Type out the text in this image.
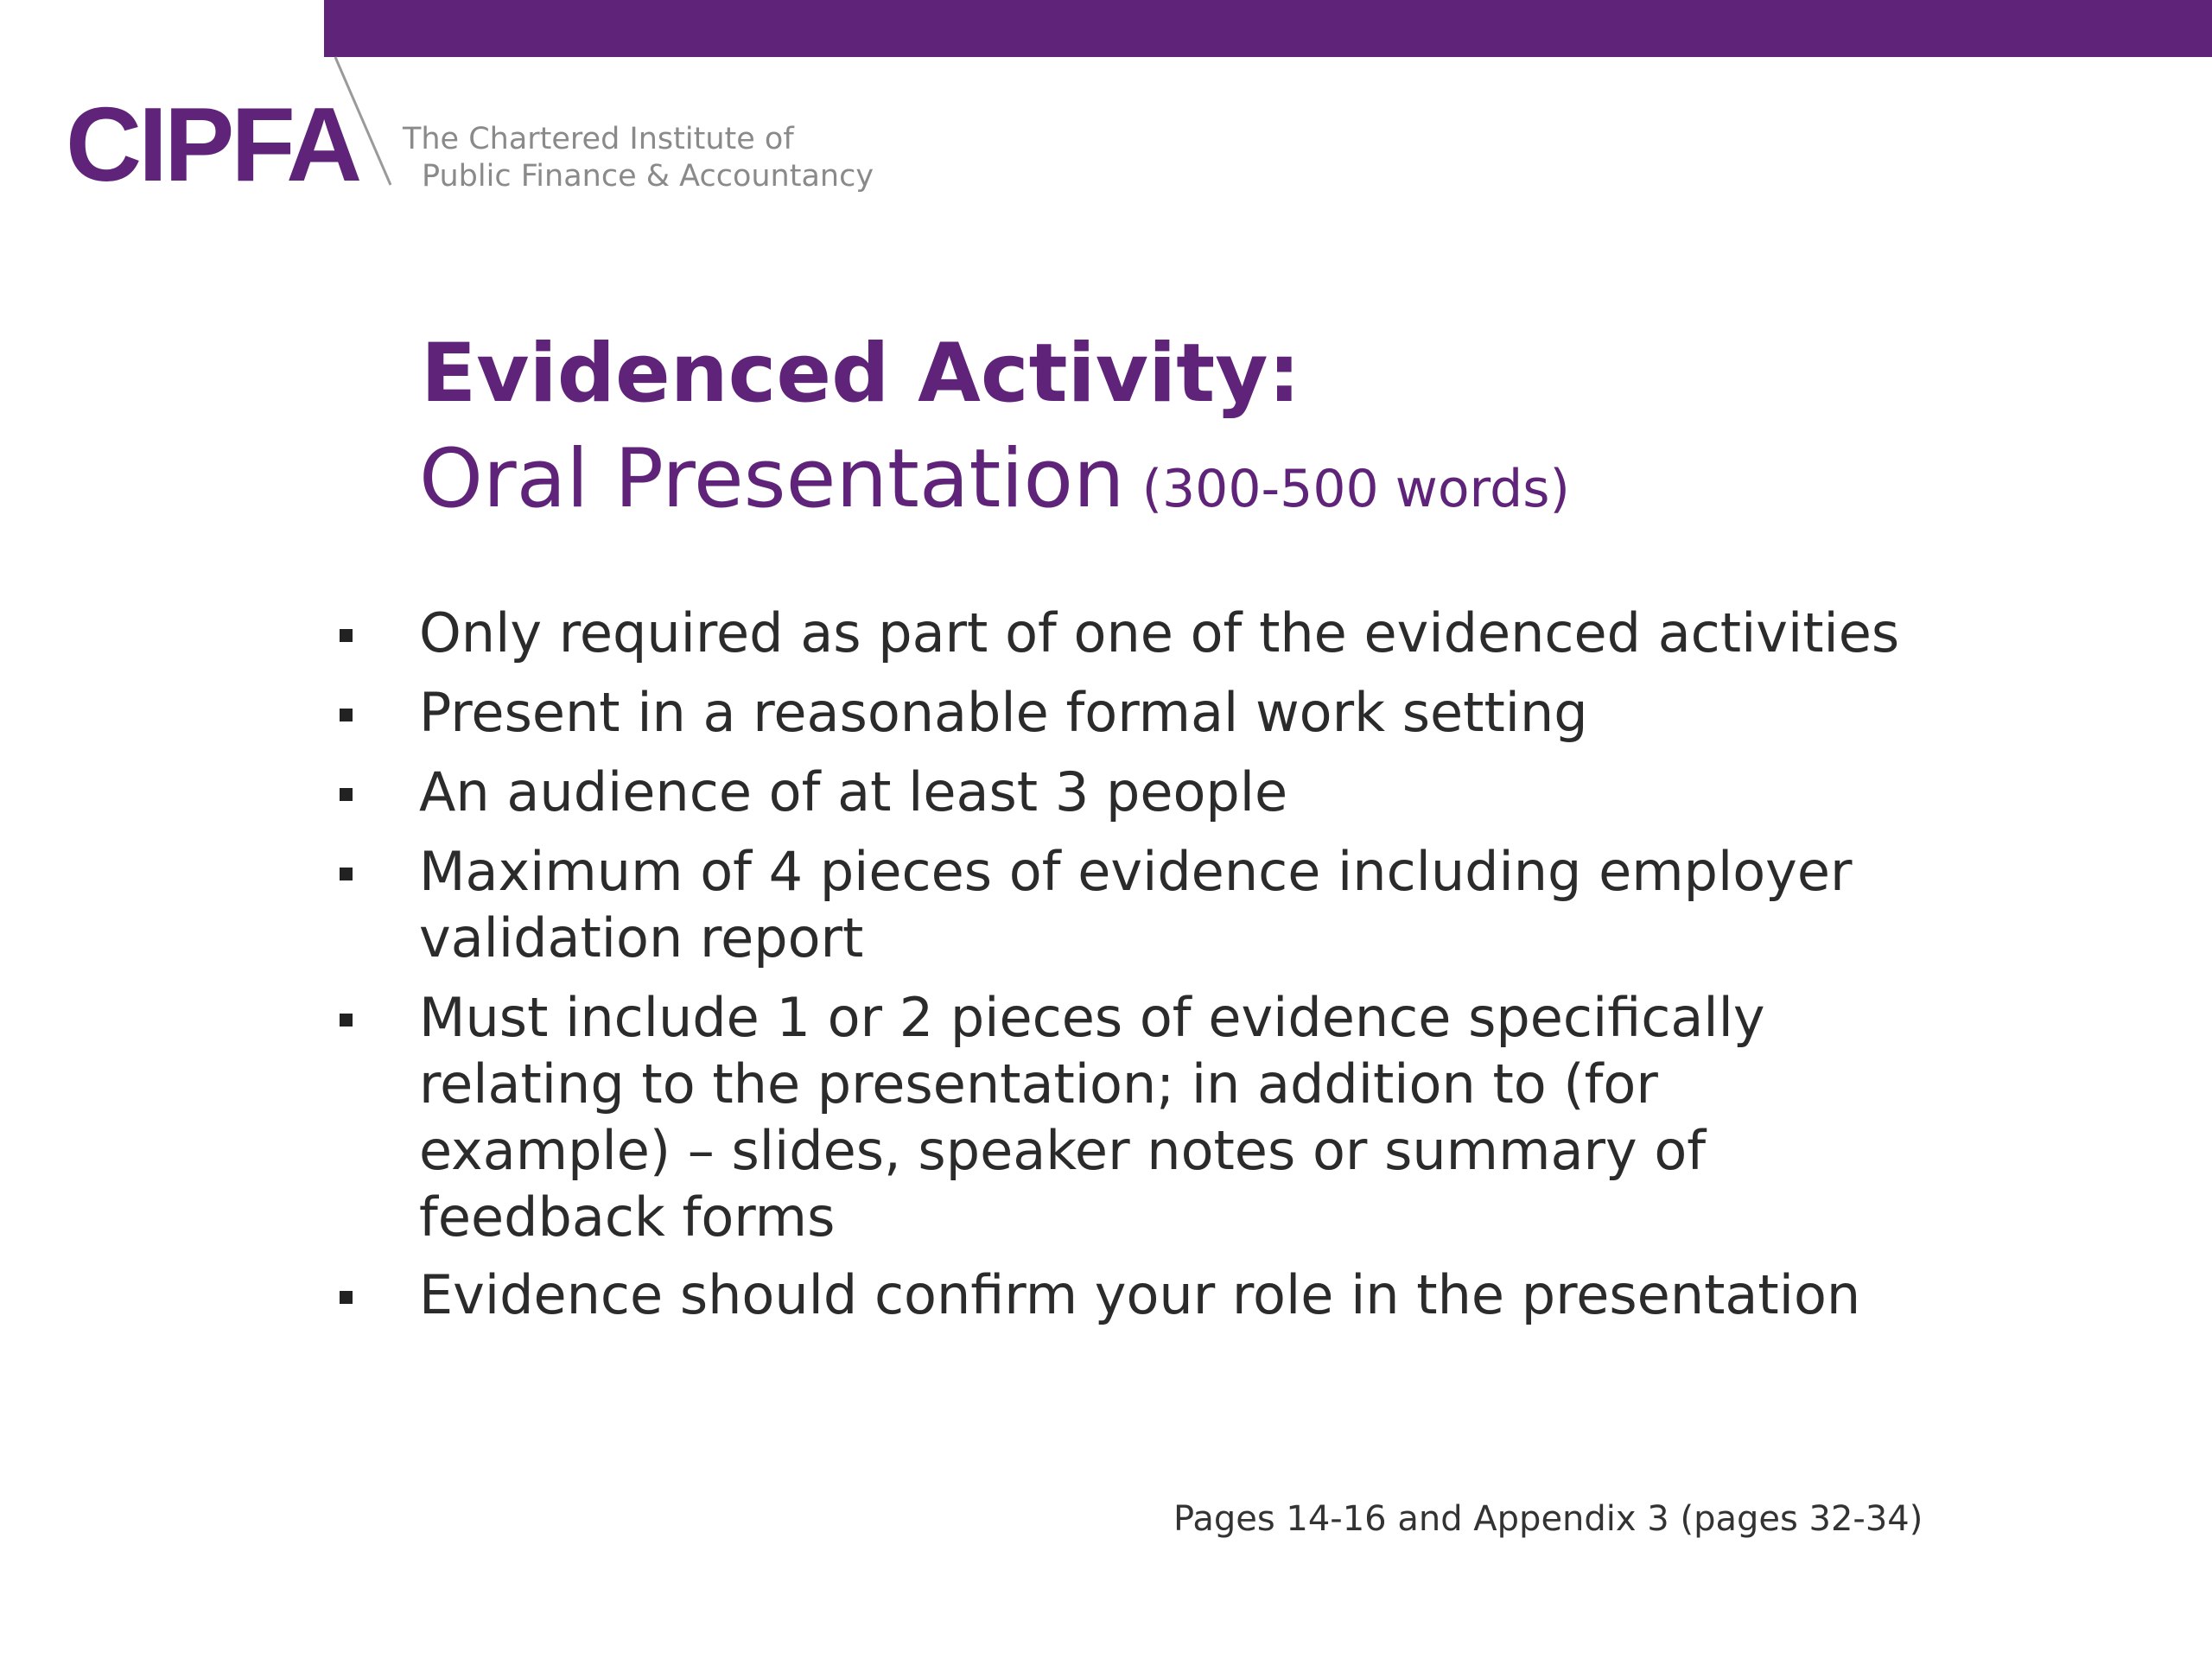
CIPFA The Chartered Institute of
Public Finance & Accountancy
Evidenced Activity:
Oral Presentation (300-500 words)
Only required as part of one of the evidenced activities
Present in a reasonable formal work setting
An audience of at least 3 people
Maximum of 4 pieces of evidence including employer validation report
Must include 1 or 2 pieces of evidence specifically relating to the presentation; in addition to (for example) – slides, speaker notes or summary of feedback forms
Evidence should confirm your role in the presentation
Pages 14-16 and Appendix 3 (pages 32-34)
